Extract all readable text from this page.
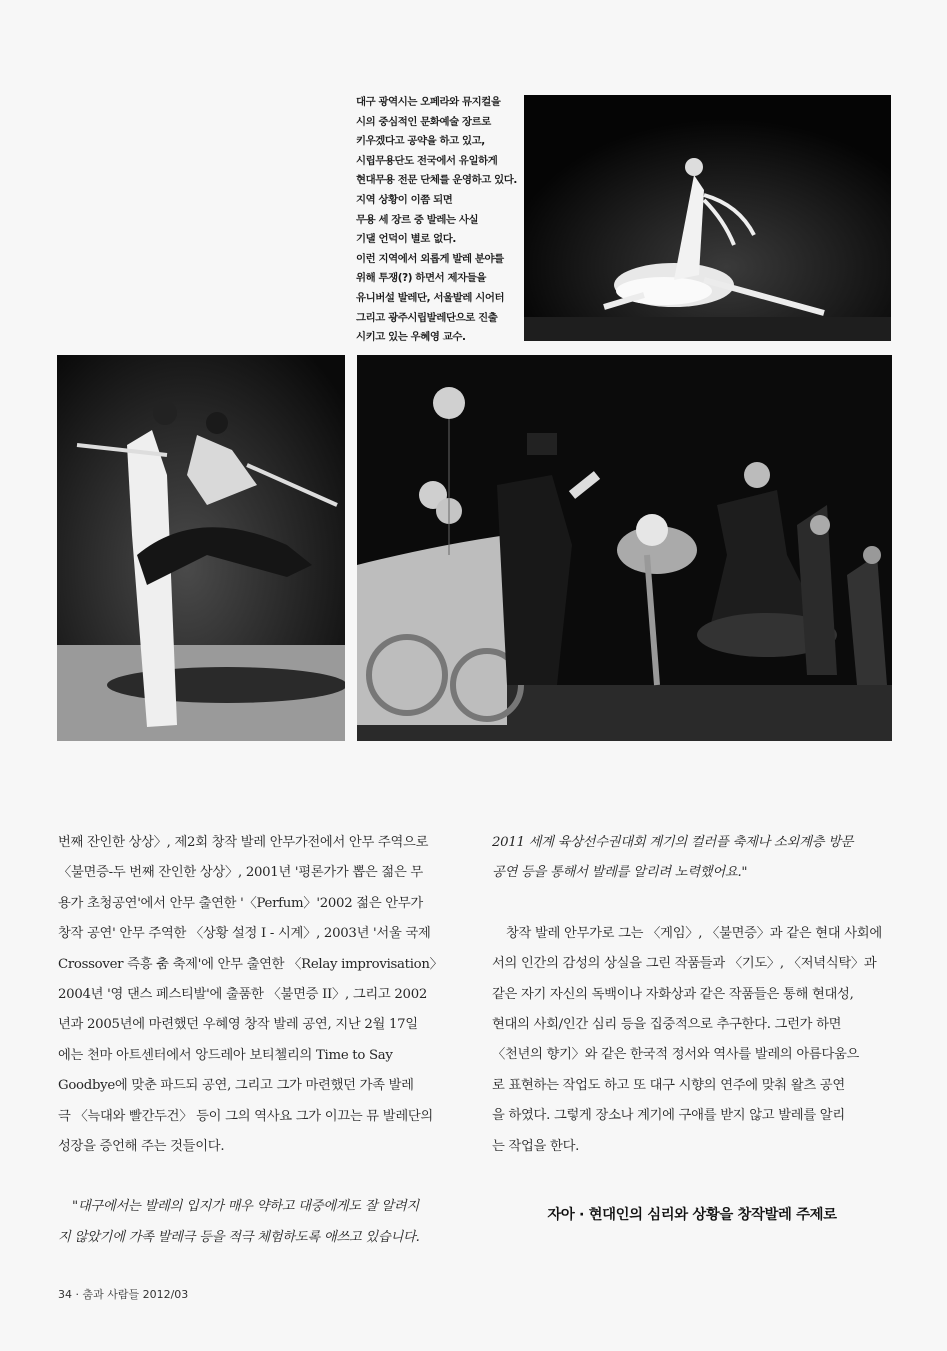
대구 광역시는 오페라와 뮤지컬을
시의 중심적인 문화예술 장르로
키우겠다고 공약을 하고 있고,
시립무용단도 전국에서 유일하게
현대무용 전문 단체를 운영하고 있다.
지역 상황이 이쯤 되면
무용 세 장르 중 발레는 사실
기댈 언덕이 별로 없다.
이런 지역에서 외롭게 발레 분야를
위해 투쟁(?) 하면서 제자들을
유니버설 발레단, 서울발레 시어터
그리고 광주시립발레단으로 진출
시키고 있는 우혜영 교수.
번째 잔인한 상상〉, 제2회 창작 발레 안무가전에서 안무 주역으로
〈불면증-두 번째 잔인한 상상〉, 2001년 '평론가가 뽑은 젊은 무
용가 초청공연'에서 안무 출연한 '〈Perfum〉'2002 젊은 안무가
창작 공연' 안무 주역한 〈상황 설정 I - 시계〉, 2003년 '서울 국제
Crossover 즉흥 춤 축제'에 안무 출연한 〈Relay improvisation〉
2004년 '영 댄스 페스티발'에 출품한 〈불면증 II〉, 그리고 2002
년과 2005년에 마련했던 우혜영 창작 발레 공연, 지난 2월 17일
에는 천마 아트센터에서 앙드레아 보티첼리의 Time to Say
Goodbye에 맞춘 파드되 공연, 그리고 그가 마련했던 가족 발레
극 〈늑대와 빨간두건〉 등이 그의 역사요 그가 이끄는 뮤 발레단의
성장을 증언해 주는 것들이다.
"대구에서는 발레의 입지가 매우 약하고 대중에게도 잘 알려지
지 않았기에 가족 발레극 등을 적극 체험하도록 애쓰고 있습니다.
2011 세계 육상선수권대회 계기의 컬러플 축제나 소외계층 방문
공연 등을 통해서 발레를 알리려 노력했어요."
창작 발레 안무가로 그는 〈게임〉, 〈불면증〉과 같은 현대 사회에
서의 인간의 감성의 상실을 그린 작품들과 〈기도〉, 〈저녁식탁〉과
같은 자기 자신의 독백이나 자화상과 같은 작품들은 통해 현대성,
현대의 사회/인간 심리 등을 집중적으로 추구한다. 그런가 하면
〈천년의 향기〉와 같은 한국적 정서와 역사를 발레의 아름다움으
로 표현하는 작업도 하고 또 대구 시향의 연주에 맞춰 왈츠 공연
을 하였다. 그렇게 장소나 계기에 구애를 받지 않고 발레를 알리
는 작업을 한다.
자아 · 현대인의 심리와 상황을 창작발레 주제로
34 · 춤과 사람들 2012/03
